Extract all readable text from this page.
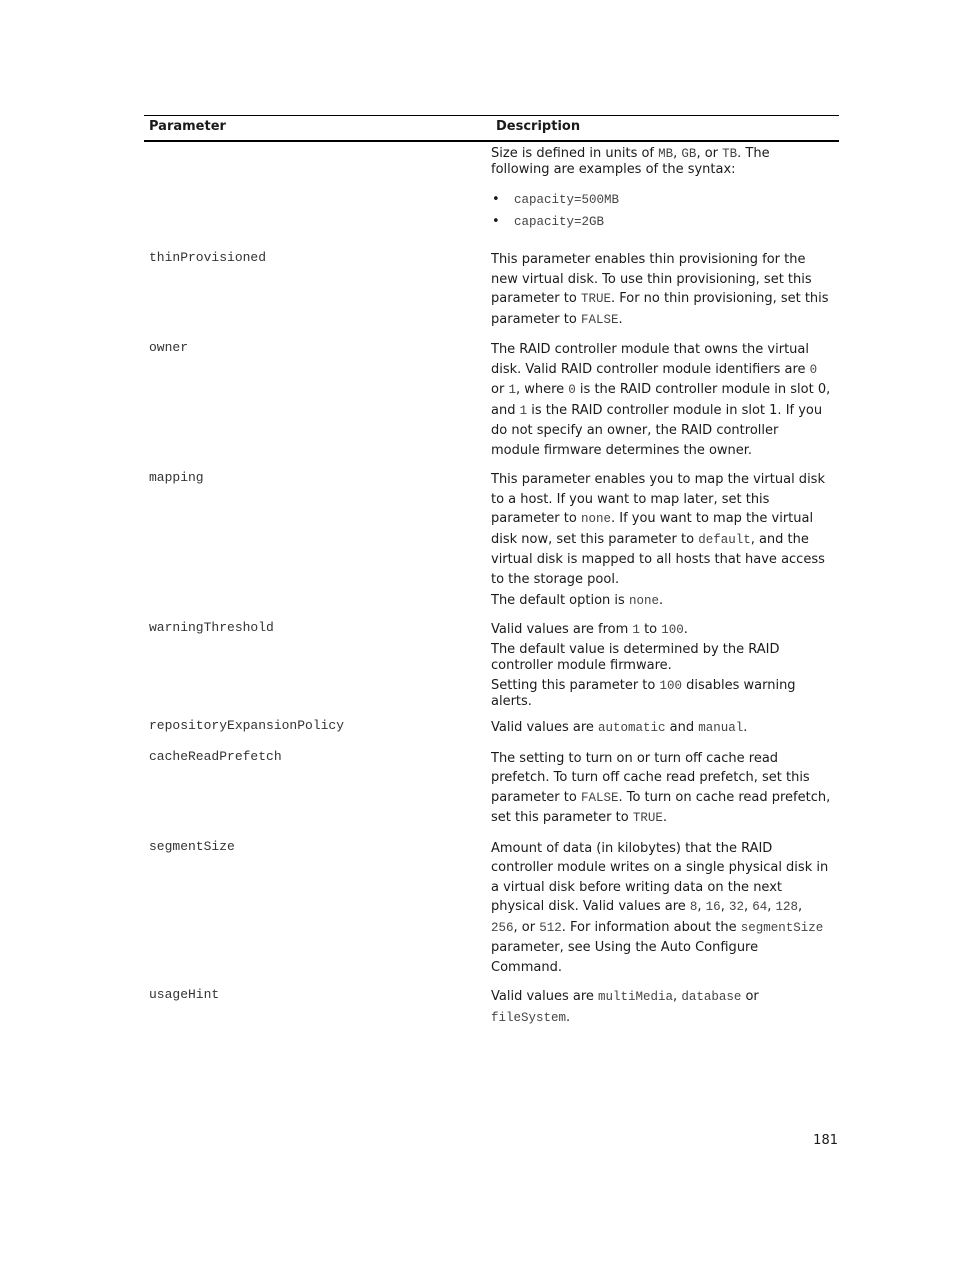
Parameter	Description

Size is defined in units of MB, GB, or TB. The following are examples of the syntax:

• capacity=500MB
• capacity=2GB
thinProvisioned	This parameter enables thin provisioning for the new virtual disk. To use thin provisioning, set this parameter to TRUE. For no thin provisioning, set this parameter to FALSE.

owner	The RAID controller module that owns the virtual disk. Valid RAID controller module identifiers are 0 or 1, where 0 is the RAID controller module in slot 0, and 1 is the RAID controller module in slot 1. If you do not specify an owner, the RAID controller module firmware determines the owner.

mapping	This parameter enables you to map the virtual disk to a host. If you want to map later, set this parameter to none. If you want to map the virtual disk now, set this parameter to default, and the virtual disk is mapped to all hosts that have access to the storage pool.

The default option is none.

warningThreshold	Valid values are from 1 to 100.

The default value is determined by the RAID controller module firmware.

Setting this parameter to 100 disables warning alerts.

repositoryExpansionPolicy	Valid values are automatic and manual.

cacheReadPrefetch	The setting to turn on or turn off cache read prefetch. To turn off cache read prefetch, set this parameter to FALSE. To turn on cache read prefetch, set this parameter to TRUE.

segmentSize	Amount of data (in kilobytes) that the RAID controller module writes on a single physical disk in a virtual disk before writing data on the next physical disk. Valid values are 8, 16, 32, 64, 128, 256, or 512. For information about the segmentSize parameter, see Using the Auto Configure Command.

usageHint	Valid values are multiMedia, database or fileSystem.

181
